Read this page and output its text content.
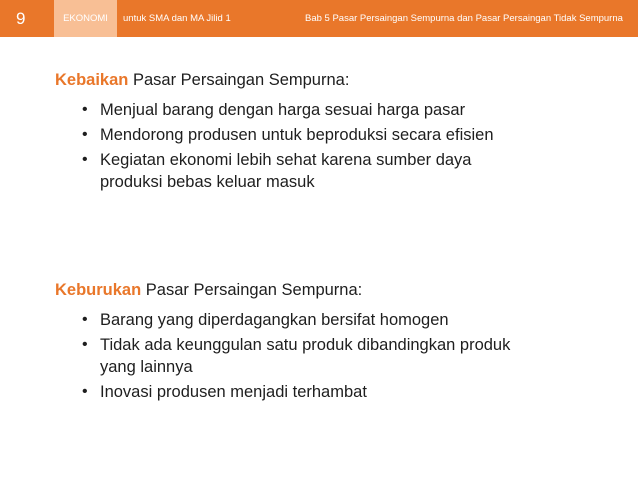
9	EKONOMI	untuk SMA dan MA Jilid 1	Bab 5 Pasar Persaingan Sempurna dan Pasar Persaingan Tidak Sempurna

Kebaikan Pasar Persaingan Sempurna:

• Menjual barang dengan harga sesuai harga pasar
• Mendorong produsen untuk beproduksi secara efisien
• Kegiatan ekonomi lebih sehat karena sumber daya produksi bebas keluar masuk

Keburukan Pasar Persaingan Sempurna:

• Barang yang diperdagangkan bersifat homogen
• Tidak ada keunggulan satu produk dibandingkan produk yang lainnya
• Inovasi produsen menjadi terhambat
